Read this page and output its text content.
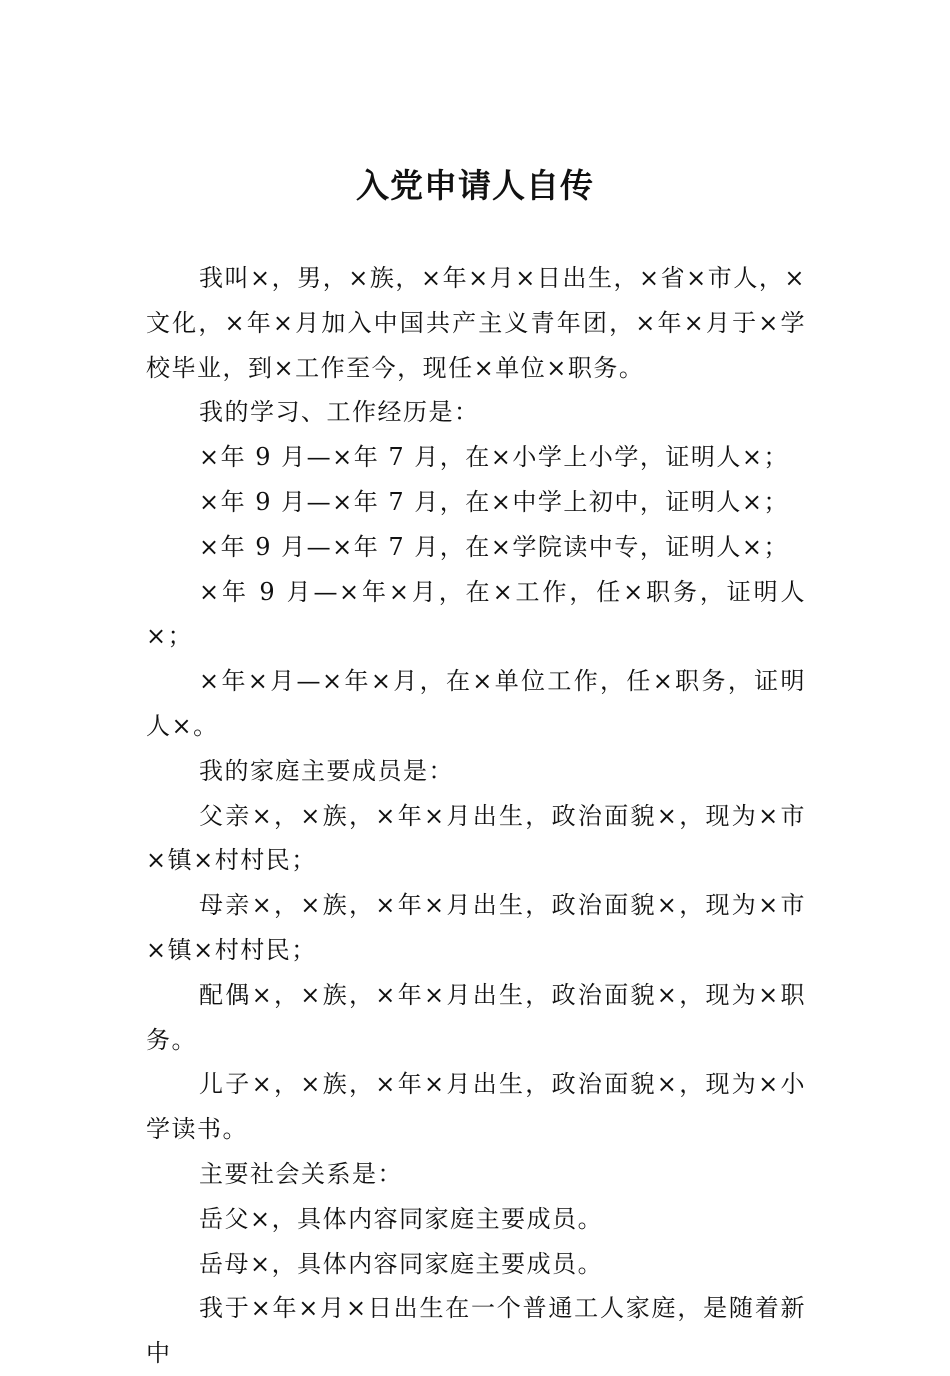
入党申请人自传

我叫×，男，×族，×年×月×日出生，×省×市人，×文化，×年×月加入中国共产主义青年团，×年×月于×学校毕业，到×工作至今，现任×单位×职务。

我的学习、工作经历是：

×年 9 月—×年 7 月，在×小学上小学，证明人×；

×年 9 月—×年 7 月，在×中学上初中，证明人×；

×年 9 月—×年 7 月，在×学院读中专，证明人×；

×年 9 月—×年×月，在×工作，任×职务，证明人×；

×年×月—×年×月，在×单位工作，任×职务，证明人×。

我的家庭主要成员是：

父亲×，×族，×年×月出生，政治面貌×，现为×市×镇×村村民；

母亲×，×族，×年×月出生，政治面貌×，现为×市×镇×村村民；

配偶×，×族，×年×月出生，政治面貌×，现为×职务。

儿子×，×族，×年×月出生，政治面貌×，现为×小学读书。

主要社会关系是：

岳父×，具体内容同家庭主要成员。

岳母×，具体内容同家庭主要成员。

我于×年×月×日出生在一个普通工人家庭，是随着新中
